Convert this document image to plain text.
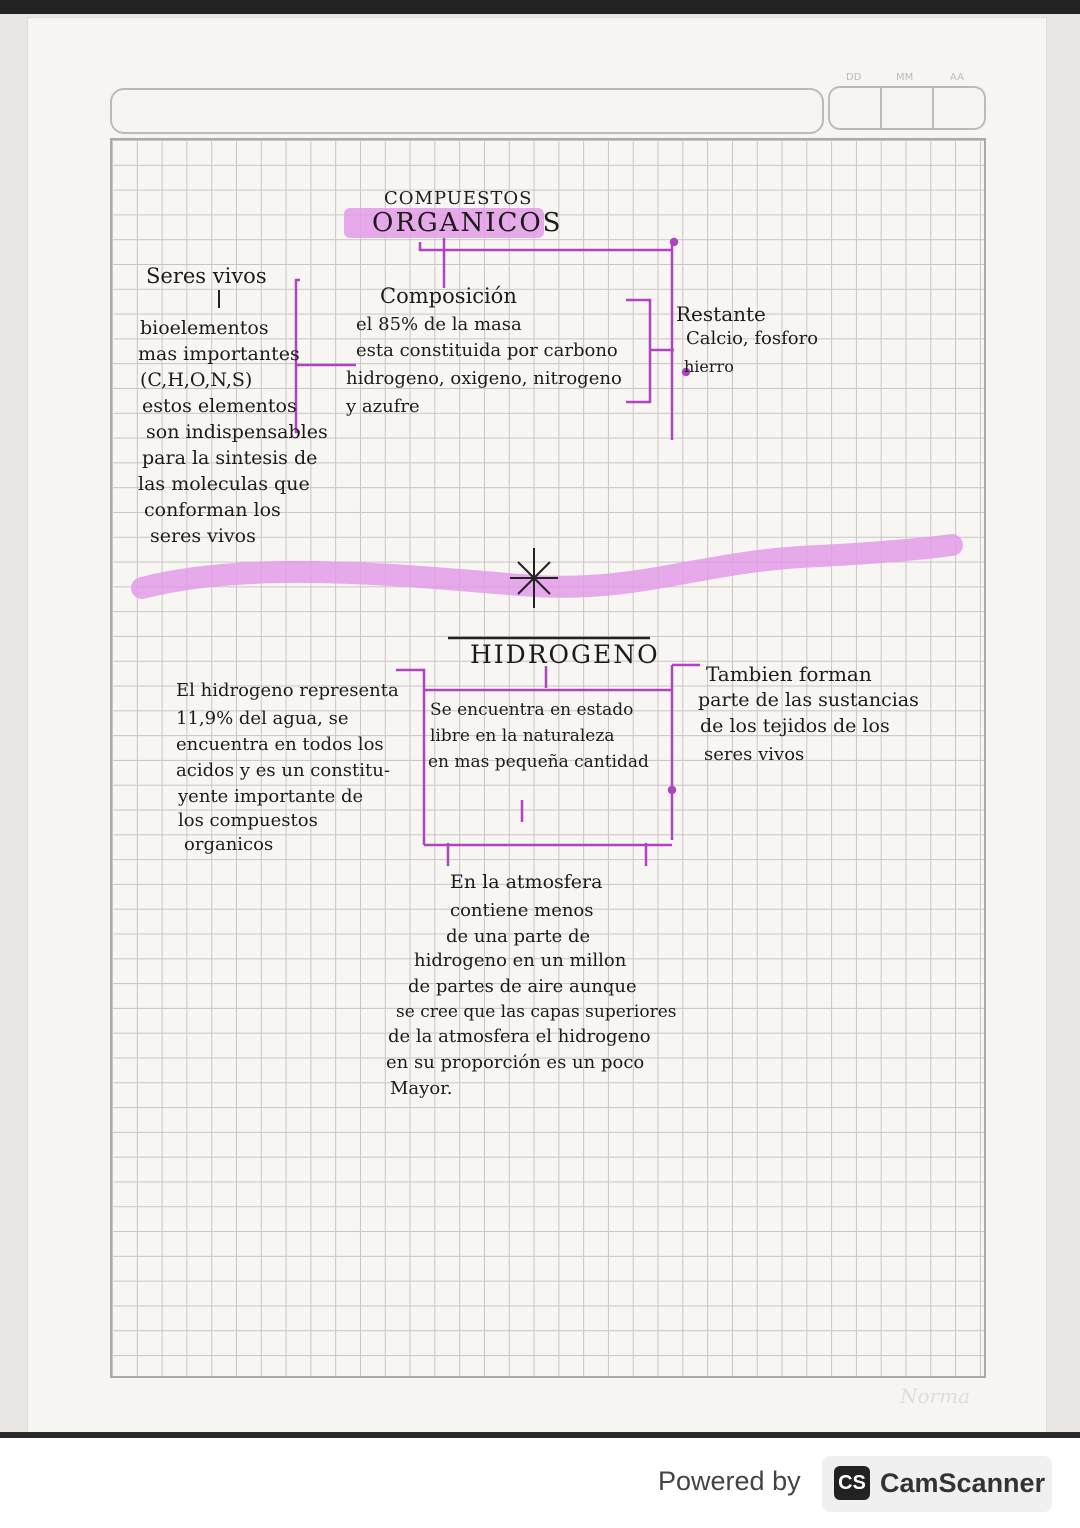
DD	MM	AA
COMPUESTOS
ORGANICOS
Seres vivos
bioelementos
mas importantes
(C,H,O,N,S)
estos elementos
son indispensables
para la sintesis de
las moleculas que
conforman los
seres vivos
Composición
el 85% de la masa
esta constituida por carbono
hidrogeno, oxigeno, nitrogeno
y azufre
Restante
Calcio, fosforo
hierro
HIDROGENO
El hidrogeno representa
11,9% del agua, se
encuentra en todos los
acidos y es un constitu-
yente importante de
los compuestos
organicos
Se encuentra en estado
libre en la naturaleza
en mas pequeña cantidad
Tambien forman
parte de las sustancias
de los tejidos de los
seres vivos
En la atmosfera
contiene menos
de una parte de
hidrogeno en un millon
de partes de aire aunque
se cree que las capas superiores
de la atmosfera el hidrogeno
en su proporción es un poco
Mayor.
Norma
Powered by CS CamScanner
